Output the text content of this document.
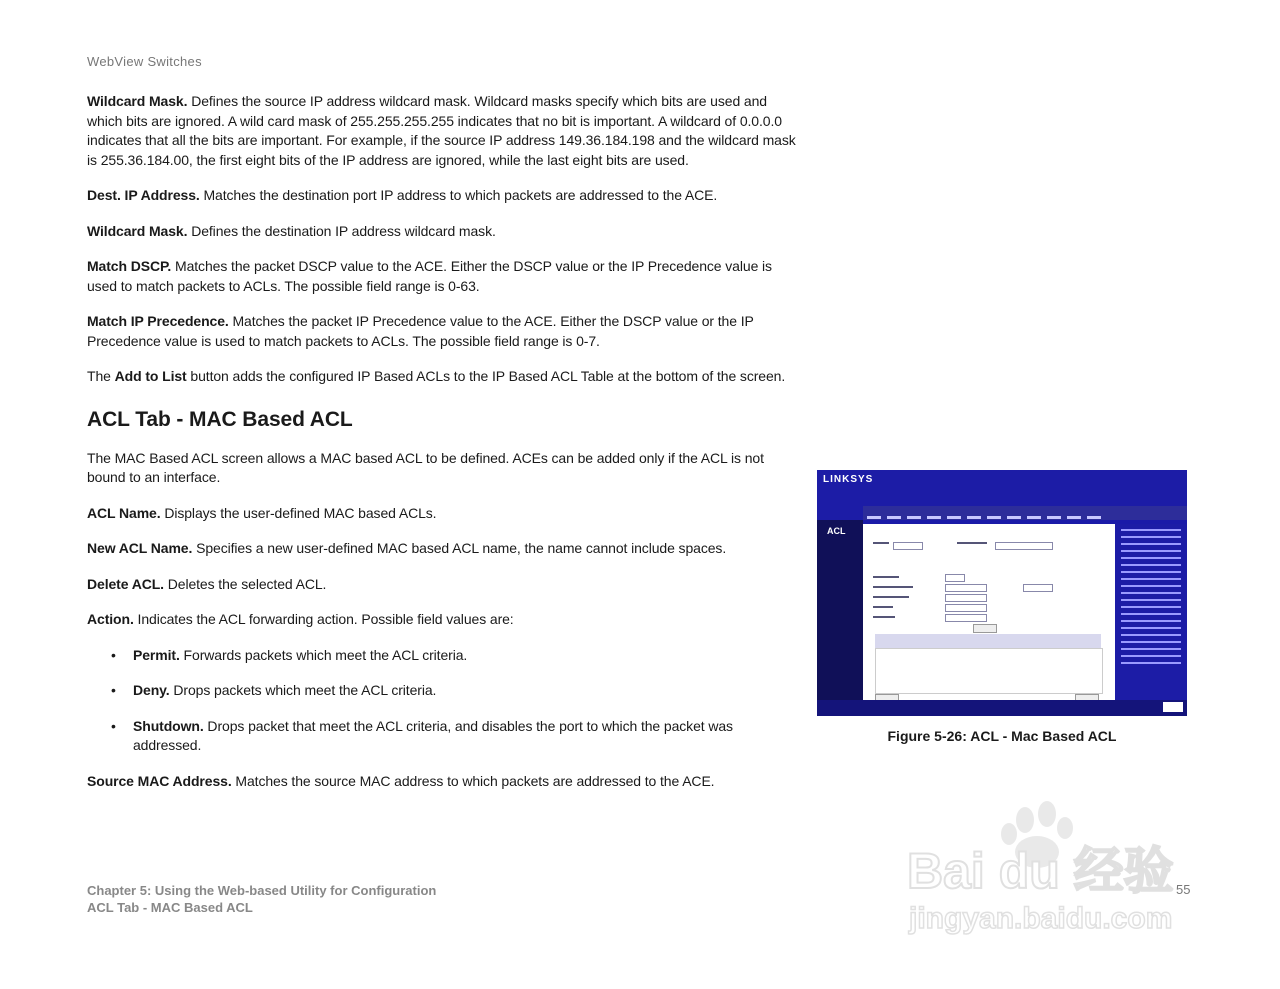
WebView Switches

Wildcard Mask. Defines the source IP address wildcard mask. Wildcard masks specify which bits are used and which bits are ignored. A wild card mask of 255.255.255.255 indicates that no bit is important. A wildcard of 0.0.0.0 indicates that all the bits are important. For example, if the source IP address 149.36.184.198 and the wildcard mask is 255.36.184.00, the first eight bits of the IP address are ignored, while the last eight bits are used.

Dest. IP Address. Matches the destination port IP address to which packets are addressed to the ACE.

Wildcard Mask. Defines the destination IP address wildcard mask.

Match DSCP. Matches the packet DSCP value to the ACE. Either the DSCP value or the IP Precedence value is used to match packets to ACLs. The possible field range is 0-63.

Match IP Precedence. Matches the packet IP Precedence value to the ACE. Either the DSCP value or the IP Precedence value is used to match packets to ACLs. The possible field range is 0-7.

The Add to List button adds the configured IP Based ACLs to the IP Based ACL Table at the bottom of the screen.

ACL Tab - MAC Based ACL

The MAC Based ACL screen allows a MAC based ACL to be defined. ACEs can be added only if the ACL is not bound to an interface.

ACL Name. Displays the user-defined MAC based ACLs.

New ACL Name. Specifies a new user-defined MAC based ACL name, the name cannot include spaces.

Delete ACL. Deletes the selected ACL.

Action. Indicates the ACL forwarding action. Possible field values are:

• Permit. Forwards packets which meet the ACL criteria.
• Deny. Drops packets which meet the ACL criteria.
• Shutdown. Drops packet that meet the ACL criteria, and disables the port to which the packet was addressed.

Source MAC Address. Matches the source MAC address to which packets are addressed to the ACE.

LINKSYS
ACL
Figure 5-26: ACL - Mac Based ACL
Chapter 5: Using the Web-based Utility for Configuration
ACL Tab - MAC Based ACL
55
Bai du 经验
jingyan.baidu.com
